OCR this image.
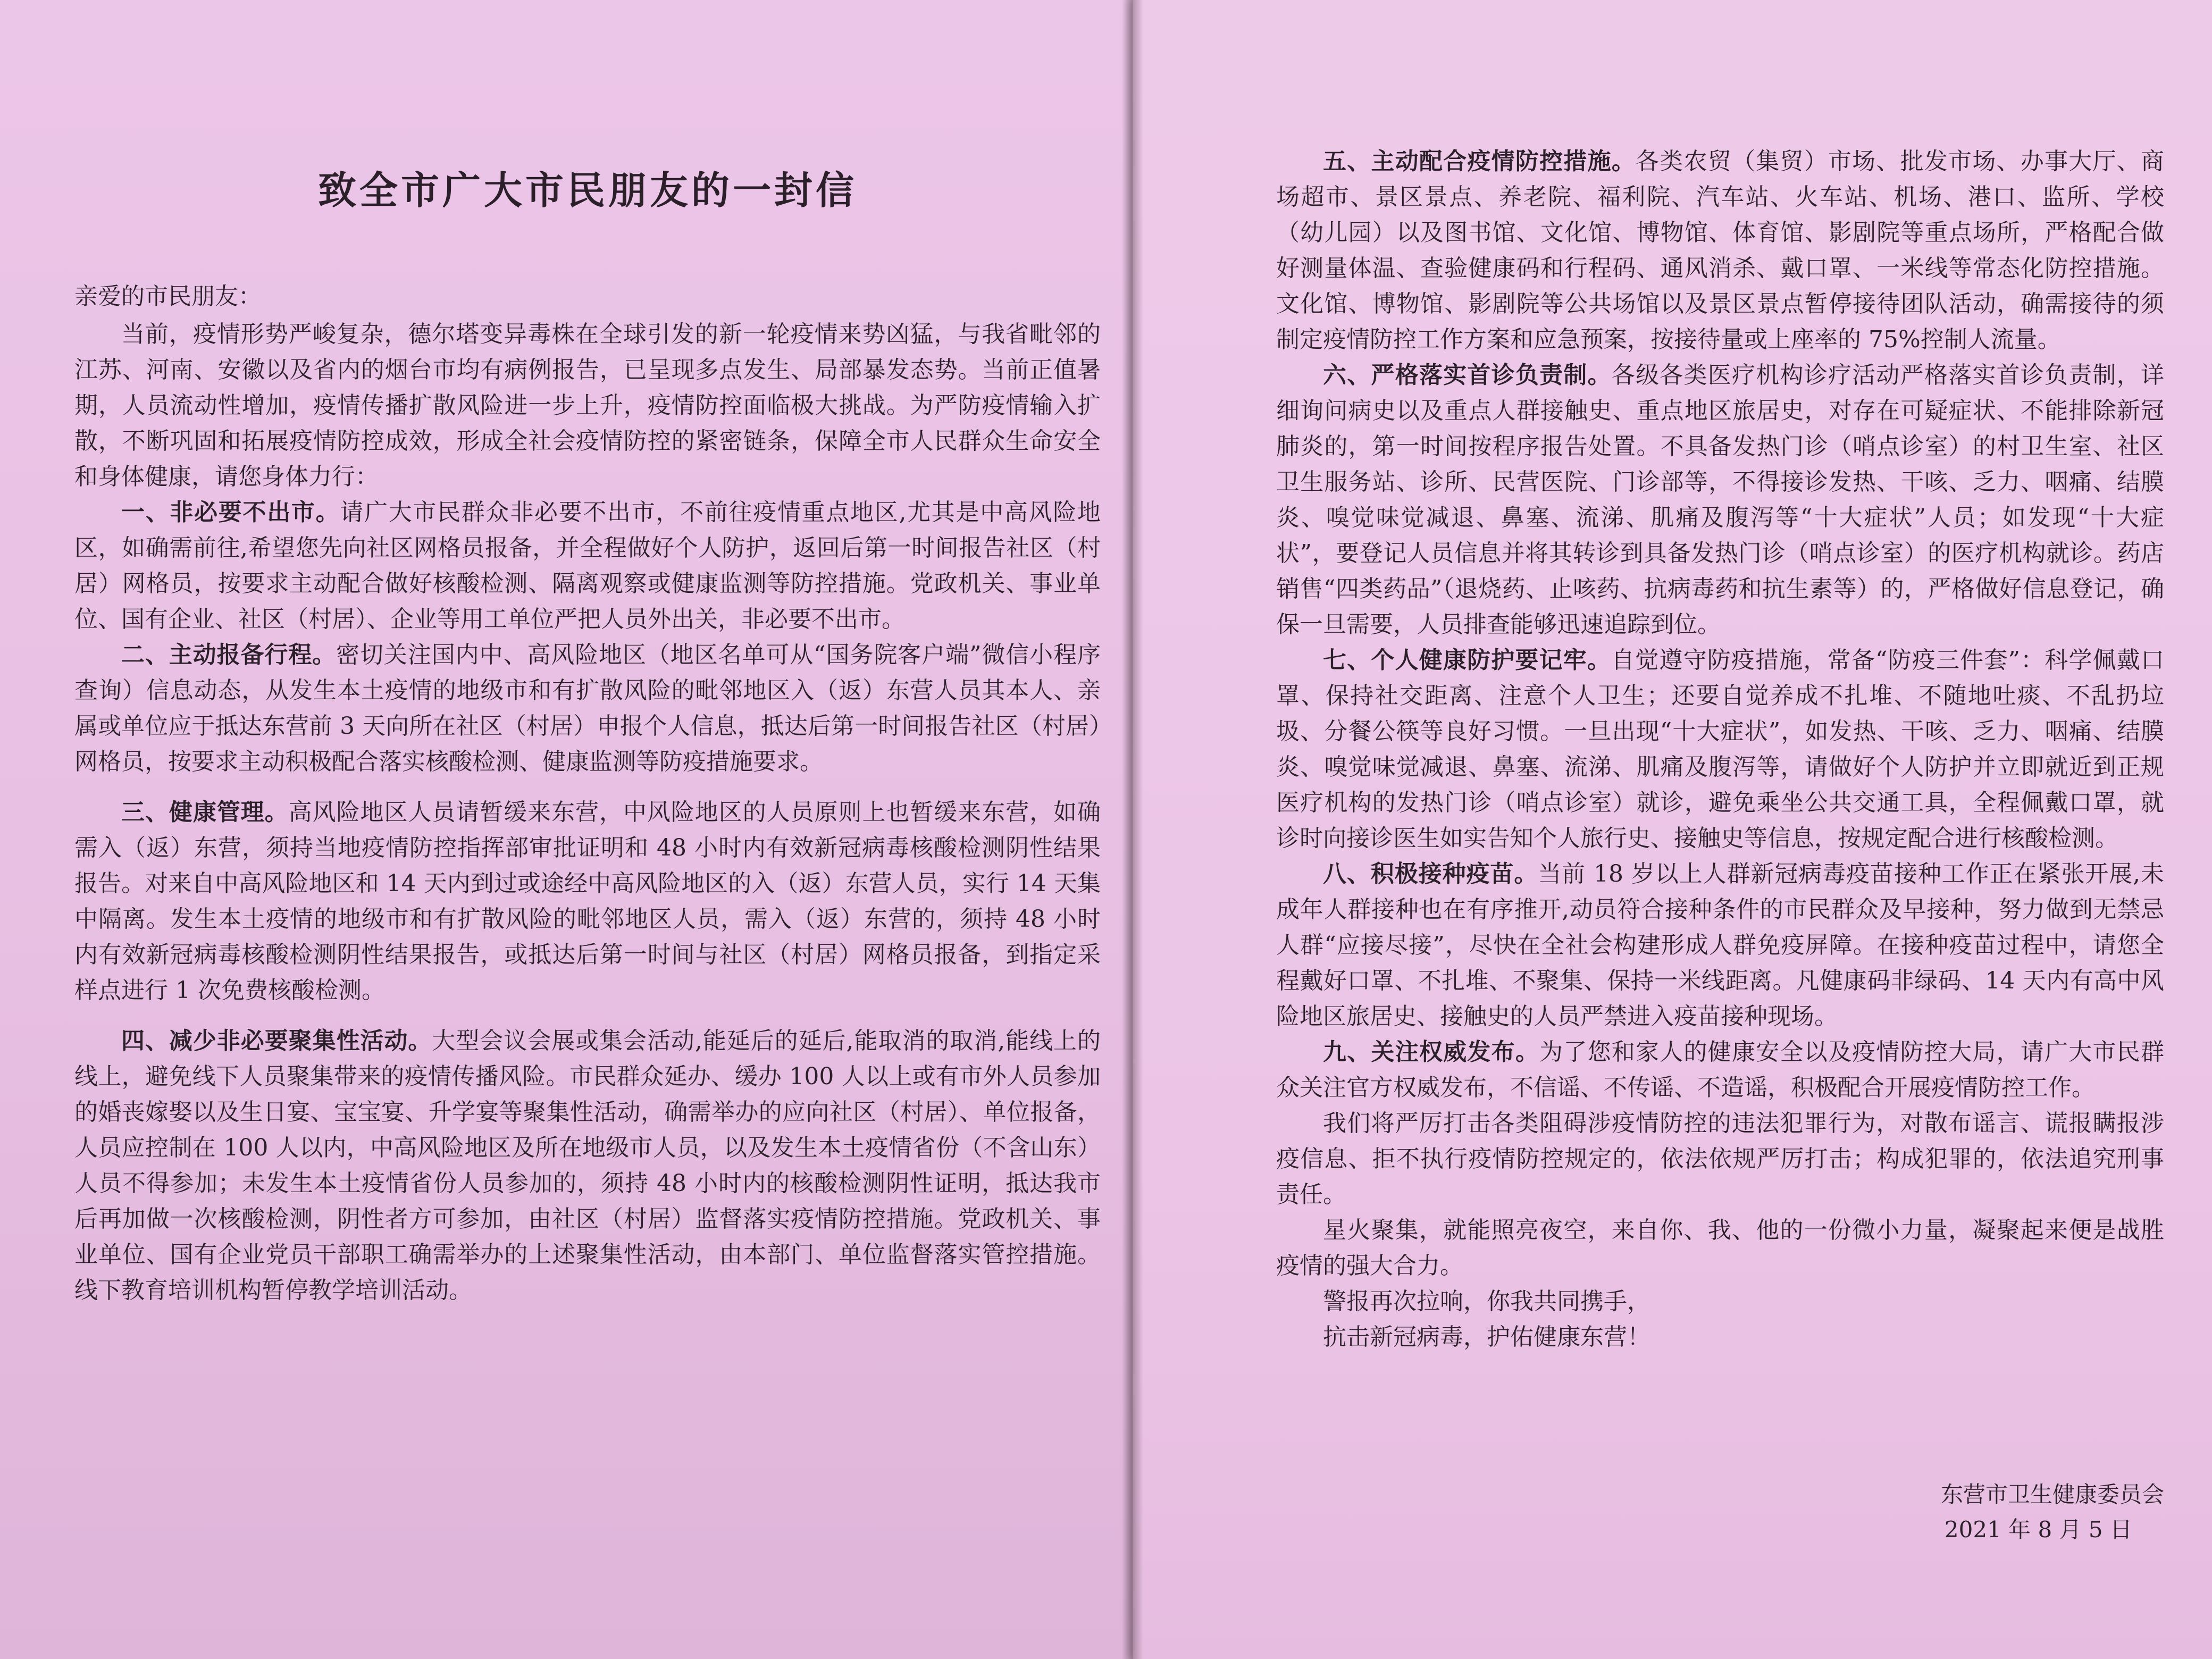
致全市广大市民朋友的一封信

亲爱的市民朋友：

当前，疫情形势严峻复杂，德尔塔变异毒株在全球引发的新一轮疫情来势凶猛，与我省毗邻的江苏、河南、安徽以及省内的烟台市均有病例报告，已呈现多点发生、局部暴发态势。当前正值暑期，人员流动性增加，疫情传播扩散风险进一步上升，疫情防控面临极大挑战。为严防疫情输入扩散，不断巩固和拓展疫情防控成效，形成全社会疫情防控的紧密链条，保障全市人民群众生命安全和身体健康，请您身体力行：

一、非必要不出市。请广大市民群众非必要不出市，不前往疫情重点地区,尤其是中高风险地区，如确需前往,希望您先向社区网格员报备，并全程做好个人防护，返回后第一时间报告社区（村居）网格员，按要求主动配合做好核酸检测、隔离观察或健康监测等防控措施。党政机关、事业单位、国有企业、社区（村居）、企业等用工单位严把人员外出关，非必要不出市。

二、主动报备行程。密切关注国内中、高风险地区（地区名单可从“国务院客户端”微信小程序查询）信息动态，从发生本土疫情的地级市和有扩散风险的毗邻地区入（返）东营人员其本人、亲属或单位应于抵达东营前 3 天向所在社区（村居）申报个人信息，抵达后第一时间报告社区（村居）网格员，按要求主动积极配合落实核酸检测、健康监测等防疫措施要求。

三、健康管理。高风险地区人员请暂缓来东营，中风险地区的人员原则上也暂缓来东营，如确需入（返）东营，须持当地疫情防控指挥部审批证明和 48 小时内有效新冠病毒核酸检测阴性结果报告。对来自中高风险地区和 14 天内到过或途经中高风险地区的入（返）东营人员，实行 14 天集中隔离。发生本土疫情的地级市和有扩散风险的毗邻地区人员，需入（返）东营的，须持 48 小时内有效新冠病毒核酸检测阴性结果报告，或抵达后第一时间与社区（村居）网格员报备，到指定采样点进行 1 次免费核酸检测。

四、减少非必要聚集性活动。大型会议会展或集会活动,能延后的延后,能取消的取消,能线上的线上，避免线下人员聚集带来的疫情传播风险。市民群众延办、缓办 100 人以上或有市外人员参加的婚丧嫁娶以及生日宴、宝宝宴、升学宴等聚集性活动，确需举办的应向社区（村居）、单位报备，人员应控制在 100 人以内，中高风险地区及所在地级市人员，以及发生本土疫情省份（不含山东）人员不得参加；未发生本土疫情省份人员参加的，须持 48 小时内的核酸检测阴性证明，抵达我市后再加做一次核酸检测，阴性者方可参加，由社区（村居）监督落实疫情防控措施。党政机关、事业单位、国有企业党员干部职工确需举办的上述聚集性活动，由本部门、单位监督落实管控措施。线下教育培训机构暂停教学培训活动。

五、主动配合疫情防控措施。各类农贸（集贸）市场、批发市场、办事大厅、商场超市、景区景点、养老院、福利院、汽车站、火车站、机场、港口、监所、学校（幼儿园）以及图书馆、文化馆、博物馆、体育馆、影剧院等重点场所，严格配合做好测量体温、查验健康码和行程码、通风消杀、戴口罩、一米线等常态化防控措施。文化馆、博物馆、影剧院等公共场馆以及景区景点暂停接待团队活动，确需接待的须制定疫情防控工作方案和应急预案，按接待量或上座率的 75%控制人流量。

六、严格落实首诊负责制。各级各类医疗机构诊疗活动严格落实首诊负责制，详细询问病史以及重点人群接触史、重点地区旅居史，对存在可疑症状、不能排除新冠肺炎的，第一时间按程序报告处置。不具备发热门诊（哨点诊室）的村卫生室、社区卫生服务站、诊所、民营医院、门诊部等，不得接诊发热、干咳、乏力、咽痛、结膜炎、嗅觉味觉减退、鼻塞、流涕、肌痛及腹泻等“十大症状”人员；如发现“十大症状”，要登记人员信息并将其转诊到具备发热门诊（哨点诊室）的医疗机构就诊。药店销售“四类药品”（退烧药、止咳药、抗病毒药和抗生素等）的，严格做好信息登记，确保一旦需要，人员排查能够迅速追踪到位。

七、个人健康防护要记牢。自觉遵守防疫措施，常备“防疫三件套”：科学佩戴口罩、保持社交距离、注意个人卫生；还要自觉养成不扎堆、不随地吐痰、不乱扔垃圾、分餐公筷等良好习惯。一旦出现“十大症状”，如发热、干咳、乏力、咽痛、结膜炎、嗅觉味觉减退、鼻塞、流涕、肌痛及腹泻等，请做好个人防护并立即就近到正规医疗机构的发热门诊（哨点诊室）就诊，避免乘坐公共交通工具，全程佩戴口罩，就诊时向接诊医生如实告知个人旅行史、接触史等信息，按规定配合进行核酸检测。

八、积极接种疫苗。当前 18 岁以上人群新冠病毒疫苗接种工作正在紧张开展,未成年人群接种也在有序推开,动员符合接种条件的市民群众及早接种，努力做到无禁忌人群“应接尽接”，尽快在全社会构建形成人群免疫屏障。在接种疫苗过程中，请您全程戴好口罩、不扎堆、不聚集、保持一米线距离。凡健康码非绿码、14 天内有高中风险地区旅居史、接触史的人员严禁进入疫苗接种现场。

九、关注权威发布。为了您和家人的健康安全以及疫情防控大局，请广大市民群众关注官方权威发布，不信谣、不传谣、不造谣，积极配合开展疫情防控工作。

我们将严厉打击各类阻碍涉疫情防控的违法犯罪行为，对散布谣言、谎报瞒报涉疫信息、拒不执行疫情防控规定的，依法依规严厉打击；构成犯罪的，依法追究刑事责任。

星火聚集，就能照亮夜空，来自你、我、他的一份微小力量，凝聚起来便是战胜疫情的强大合力。

警报再次拉响，你我共同携手，

抗击新冠病毒，护佑健康东营！

东营市卫生健康委员会

2021 年 8 月 5 日
